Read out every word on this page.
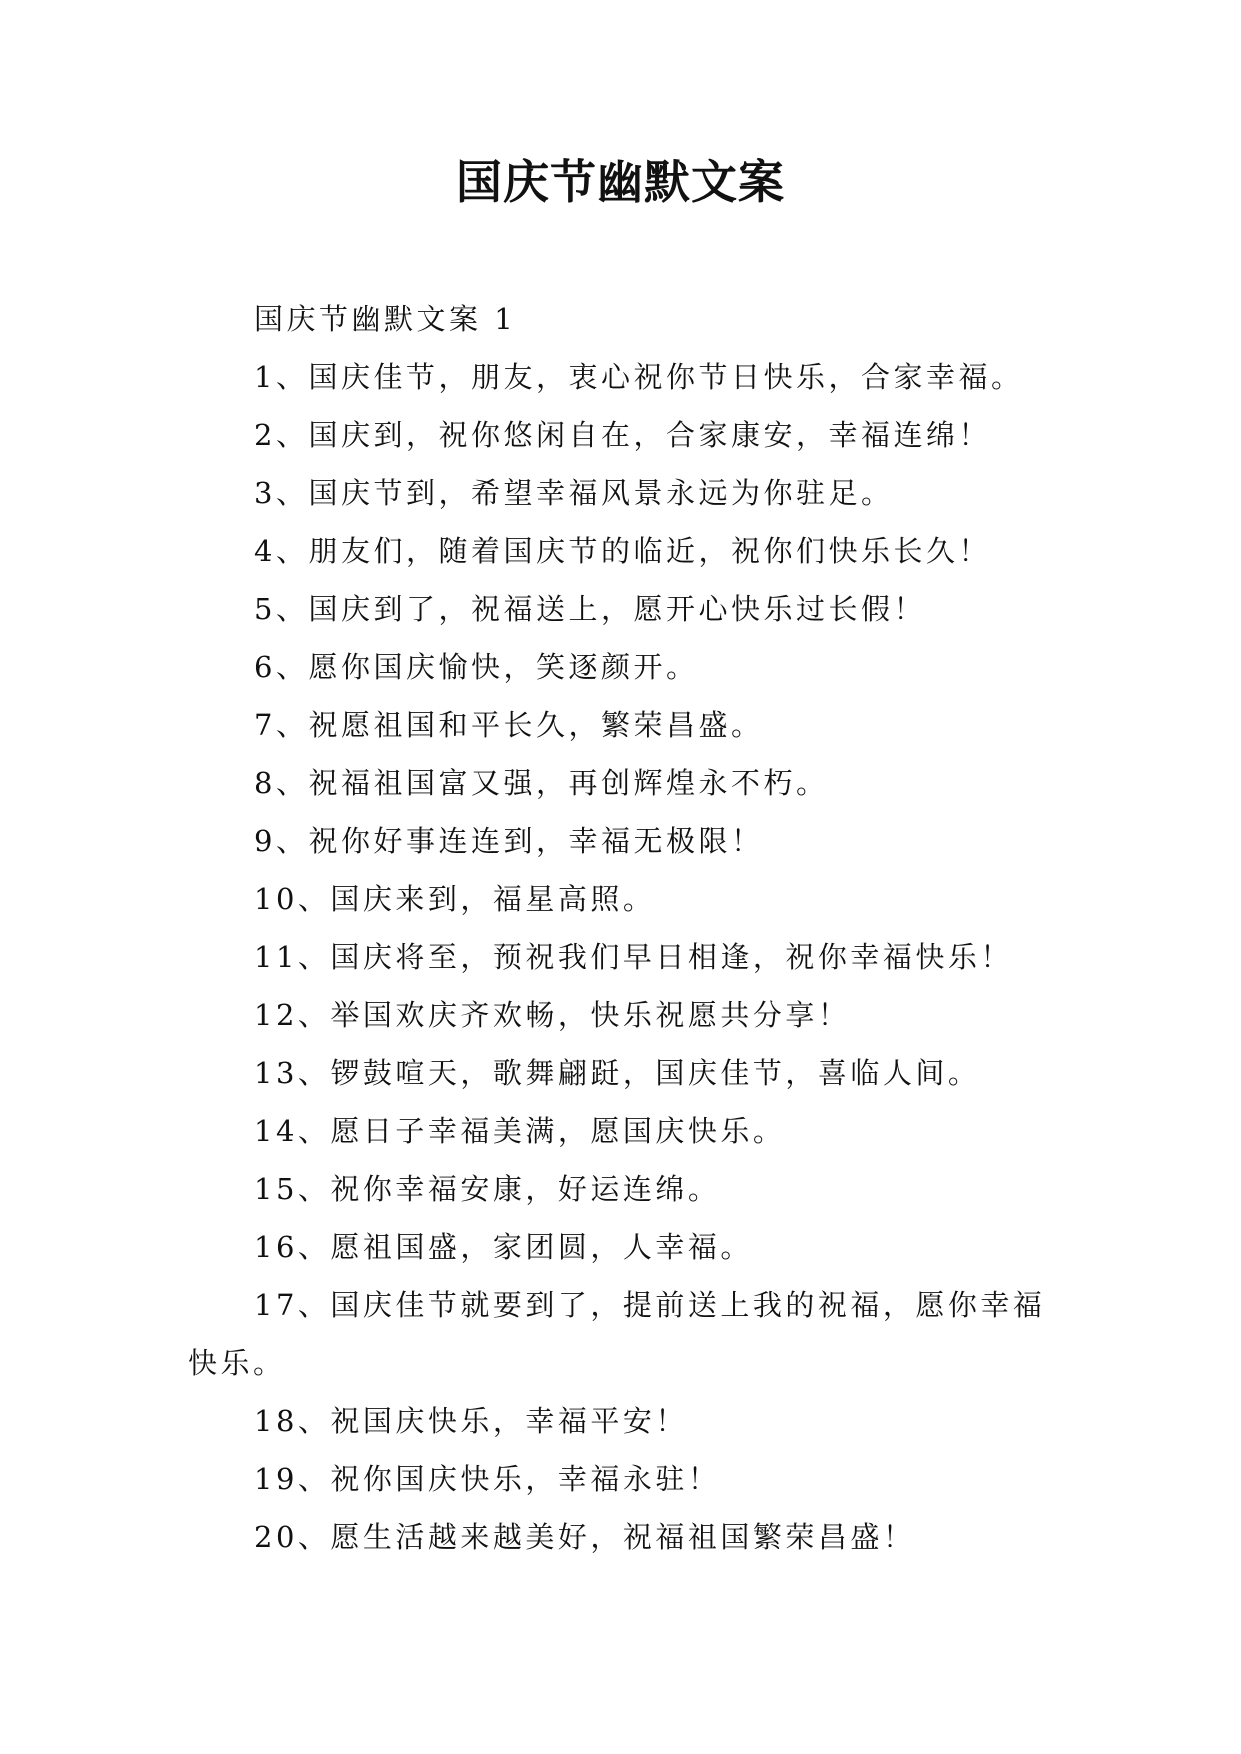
国庆节幽默文案

国庆节幽默文案 1

1、国庆佳节，朋友，衷心祝你节日快乐，合家幸福。

2、国庆到，祝你悠闲自在，合家康安，幸福连绵！

3、国庆节到，希望幸福风景永远为你驻足。

4、朋友们，随着国庆节的临近，祝你们快乐长久！

5、国庆到了，祝福送上，愿开心快乐过长假！

6、愿你国庆愉快，笑逐颜开。

7、祝愿祖国和平长久，繁荣昌盛。

8、祝福祖国富又强，再创辉煌永不朽。

9、祝你好事连连到，幸福无极限！

10、国庆来到，福星高照。

11、国庆将至，预祝我们早日相逢，祝你幸福快乐！

12、举国欢庆齐欢畅，快乐祝愿共分享！

13、锣鼓喧天，歌舞翩跹，国庆佳节，喜临人间。

14、愿日子幸福美满，愿国庆快乐。

15、祝你幸福安康，好运连绵。

16、愿祖国盛，家团圆，人幸福。

17、国庆佳节就要到了，提前送上我的祝福，愿你幸福快乐。

18、祝国庆快乐，幸福平安！

19、祝你国庆快乐，幸福永驻！

20、愿生活越来越美好，祝福祖国繁荣昌盛！
